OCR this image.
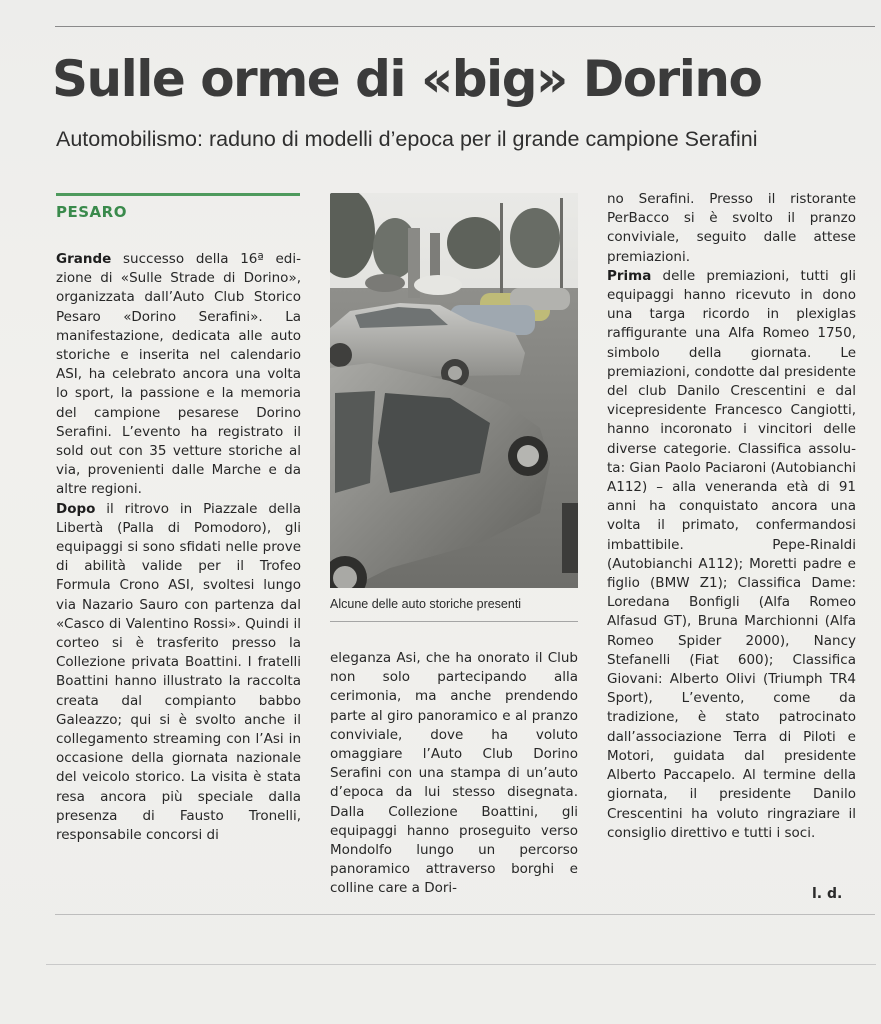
Sulle orme di «big» Dorino
Automobilismo: raduno di modelli d’epoca per il grande campione Serafini
PESARO

Grande successo della 16ª edizione di «Sulle Strade di Dorino», organizzata dall’Auto Club Storico Pesaro «Dorino Serafini». La manifestazione, dedicata alle auto storiche e inserita nel calendario ASI, ha celebrato ancora una volta lo sport, la passione e la memoria del campione pesarese Dorino Serafini. L’evento ha registrato il sold out con 35 vetture storiche al via, provenienti dalle Marche e da altre regioni.

Dopo il ritrovo in Piazzale della Libertà (Palla di Pomodoro), gli equipaggi si sono sfidati nelle prove di abilità valide per il Trofeo Formula Crono ASI, svoltesi lungo via Nazario Sauro con partenza dal «Casco di Valentino Rossi». Quindi il corteo si è trasferito presso la Collezione privata Boattini. I fratelli Boattini hanno illustrato la raccolta creata dal compianto babbo Galeazzo; qui si è svolto anche il collegamento streaming con l’Asi in occasione della giornata nazionale del veicolo storico. La visita è stata resa ancora più speciale dalla presenza di Fausto Tronelli, responsabile concorsi di

Alcune delle auto storiche presenti

eleganza Asi, che ha onorato il Club non solo partecipando alla cerimonia, ma anche prendendo parte al giro panoramico e al pranzo conviviale, dove ha voluto omaggiare l’Auto Club Dorino Serafini con una stampa di un’auto d’epoca da lui stesso disegnata. Dalla Collezione Boattini, gli equipaggi hanno proseguito verso Mondolfo lungo un percorso panoramico attraverso borghi e colline care a Dori-

no Serafini. Presso il ristorante PerBacco si è svolto il pranzo conviviale, seguito dalle attese premiazioni.

Prima delle premiazioni, tutti gli equipaggi hanno ricevuto in dono una targa ricordo in plexiglas raffigurante una Alfa Romeo 1750, simbolo della giornata. Le premiazioni, condotte dal presidente del club Danilo Crescentini e dal vicepresidente Francesco Cangiotti, hanno incoronato i vincitori delle diverse categorie. Classifica assoluta: Gian Paolo Paciaroni (Autobianchi A112) – alla veneranda età di 91 anni ha conquistato ancora una volta il primato, confermandosi imbattibile. Pepe-Rinaldi (Autobianchi A112); Moretti padre e figlio (BMW Z1); Classifica Dame: Loredana Bonfigli (Alfa Romeo Alfasud GT), Bruna Marchionni (Alfa Romeo Spider 2000), Nancy Stefanelli (Fiat 600); Classifica Giovani: Alberto Olivi (Triumph TR4 Sport), L’evento, come da tradizione, è stato patrocinato dall’associazione Terra di Piloti e Motori, guidata dal presidente Alberto Paccapelo. Al termine della giornata, il presidente Danilo Crescentini ha voluto ringraziare il consiglio direttivo e tutti i soci.

l. d.
